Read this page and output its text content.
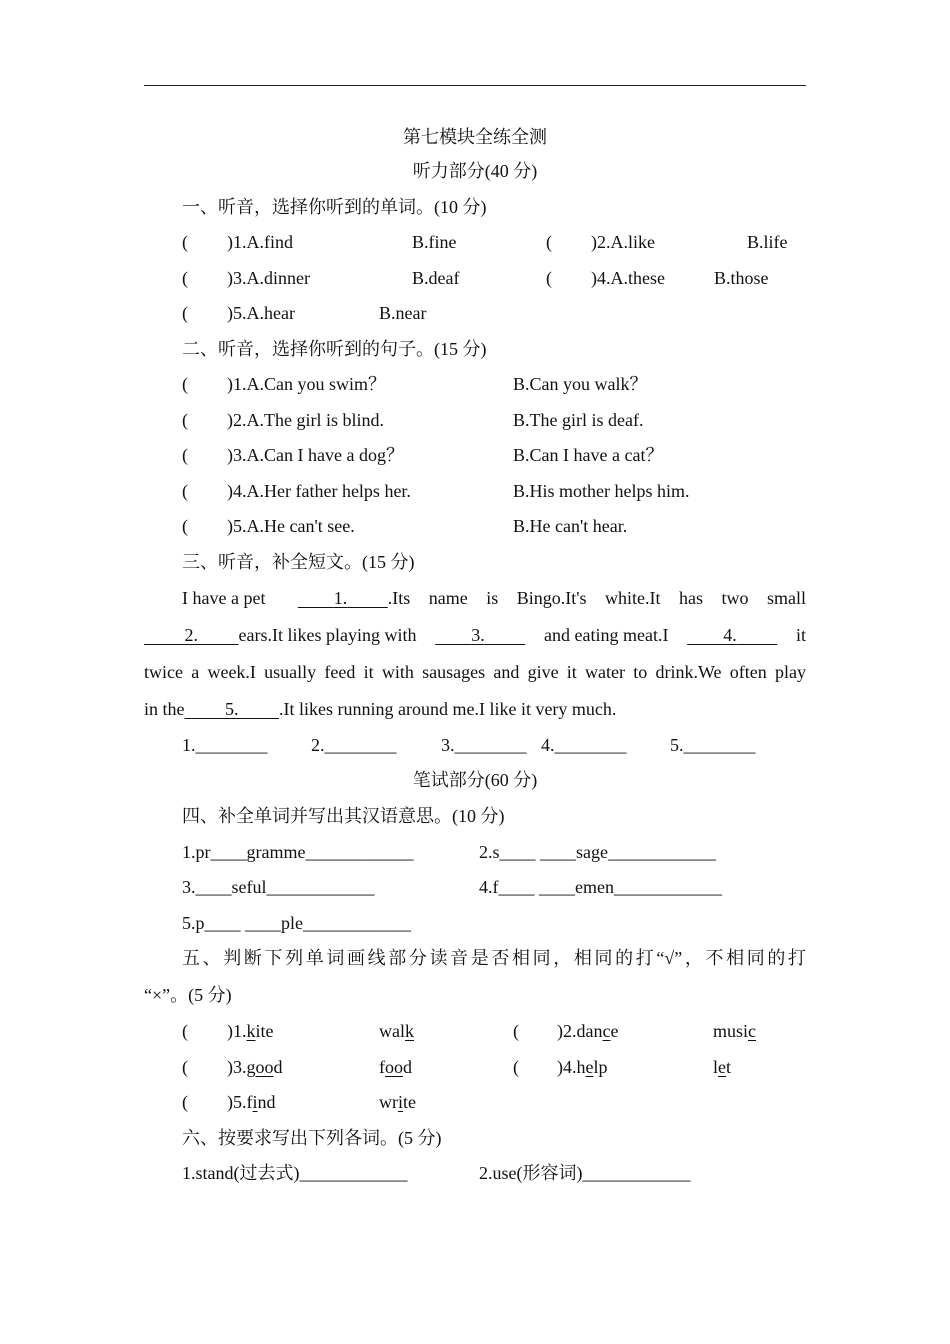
第七模块全练全测
听力部分(40 分)
一、听音，选择你听到的单词。(10 分)
( )1.A.find	B.fine	( )2.A.like	B.life
( )3.A.dinner	B.deaf	( )4.A.these	B.those
( )5.A.hear	B.near
二、听音，选择你听到的句子。(15 分)
( )1.A.Can you swim？	B.Can you walk？
( )2.A.The girl is blind.	B.The girl is deaf.
( )3.A.Can I have a dog？	B.Can I have a cat？
( )4.A.Her father helps her.	B.His mother helps him.
( )5.A.He can't see.	B.He can't hear.
三、听音，补全短文。(15 分)
I have a pet	1.	.Its name is Bingo.It's white.It has two small
2. ears.It likes playing with	3.	and eating meat.I	4.	it
twice a week.I usually feed it with sausages and give it water to drink.We often play
in the 5. .It likes running around me.I like it very much.
1.________ 2.________ 3.________ 4.________ 5.________
笔试部分(60 分)
四、补全单词并写出其汉语意思。(10 分)
1.pr____gramme____________	2.s____ ____sage____________
3.____seful____________	4.f____ ____emen____________
5.p____ ____ple____________
五、判断下列单词画线部分读音是否相同，相同的打“√”，不相同的打
“×”。(5 分)
( )1.kite	walk	( )2.dance	music
( )3.good	food	( )4.help	let
( )5.find	write
六、按要求写出下列各词。(5 分)
1.stand(过去式)____________	2.use(形容词)____________
